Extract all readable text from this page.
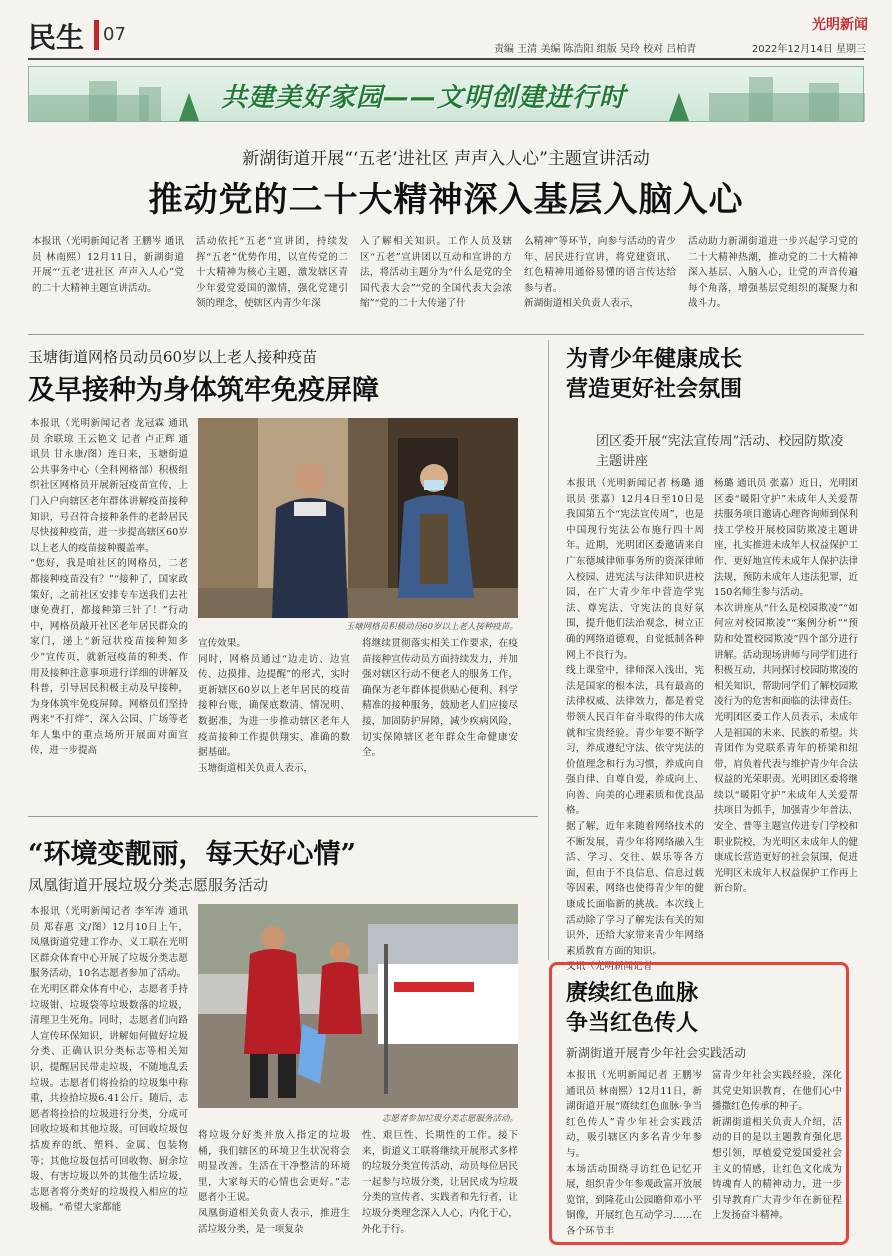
民生 07	光明新闻
责编 王清 美编 陈浩阳 组版 吴玲 校对 吕柏青	2022年12月14日 星期三
共建美好家园——文明创建进行时
新湖街道开展“‘五老’进社区 声声入人心”主题宣讲活动
推动党的二十大精神深入基层入脑入心
本报讯（光明新闻记者 王鹏岑 通讯员 林南熙）12月11日，新湖街道开展“‘五老’进社区 声声入人心”党的二十大精神主题宣讲活动。
活动依托“五老”宣讲团，持续发挥“五老”优势作用，以宣传党的二十大精神为核心主题，激发辖区青少年爱党爱国的激情，强化党建引领的理念，使辖区内青少年深
入了解相关知识。工作人员及辖区“五老”宣讲团以互动和宣讲的方法，将活动主题分为“什么是党的全国代表大会”“党的全国代表大会浓缩”“党的二十大传递了什
么精神”等环节，向参与活动的青少年、居民进行宣讲，将党建资讯、红色精神用通俗易懂的语言传达给参与者。
新湖街道相关负责人表示，
活动助力新湖街道进一步兴起学习党的二十大精神热潮，推动党的二十大精神深入基层、入脑入心，让党的声音传遍每个角落，增强基层党组织的凝聚力和战斗力。
玉塘街道网格员动员60岁以上老人接种疫苗
及早接种为身体筑牢免疫屏障
本报讯（光明新闻记者 龙冠霖 通讯员 余联琼 王云艳文 记者 卢正辉 通讯员 甘永康/图）连日来，玉塘街道公共事务中心（全科网格部）积极组织社区网格员开展新冠疫苗宣传，上门入户向辖区老年群体讲解疫苗接种知识，号召符合接种条件的老龄居民尽快接种疫苗，进一步提高辖区60岁以上老人的疫苗接种覆盖率。
“您好，我是咱社区的网格员，二老都接种疫苗没有？”“接种了，国家政策好，之前社区安排专车送我们去社康免费打，都接种第三针了！”行动中，网格员敲开社区老年居民群众的家门，递上“新冠状疫苗接种知多少”宣传页，就新冠疫苗的种类、作用及接种注意事项进行详细的讲解及科普，引导居民积极主动及早接种，为身体筑牢免疫屏障。网格员们坚持两来“不打烊”，深入公园、广场等老年人集中的重点场所开展面对面宣传，进一步提高
玉塘网格员积极动员60岁以上老人接种疫苗。
宣传效果。
同时，网格员通过“边走访、边宣传、边摸排、边提醒”的形式，实时更新辖区60岁以上老年居民的疫苗接种台账，确保底数清、情况明、数据准，为进一步推动辖区老年人疫苗接种工作提供翔实、准确的数据基础。
玉塘街道相关负责人表示，
将继续贯彻落实相关工作要求，在疫苗接种宣传动员方面持续发力，并加强对辖区行动不便老人的服务工作，确保为老年群体提供贴心便利、科学精准的接种服务，鼓励老人们应接尽接，加固防护屏障，减少疾病风险，切实保障辖区老年群众生命健康安全。
为青少年健康成长
营造更好社会氛围
团区委开展“宪法宣传周”活动、校园防欺凌主题讲座
本报讯（光明新闻记者 杨璐 通讯员 张嘉）12月4日至10日是我国第五个“宪法宣传周”，也是中国现行宪法公布施行四十周年。近期，光明团区委邀请来自广东德城律师事务所的资深律师入校园、进宪法与法律知识进校园，在广大青少年中营造学宪法、尊宪法、守宪法的良好氛围，提升他们法治观念，树立正确的网络道德观，自觉抵制各种网上不良行为。
线上课堂中，律师深入浅出，宪法是国家的根本法，具有最高的法律权威、法律效力，都是着党带领人民百年奋斗取得的伟大成就和宝贵经验。青少年要不断学习，养成遵纪守法、依守宪法的价值理念和行为习惯，养成向自强自律、自尊自爱，养成向上、向善、向美的心理素质和优良品格。
据了解，近年来随着网络技术的不断发展，青少年将网络融入生活、学习、交往、娱乐等各方面，但由于不良信息、信息过载等因素，网络也使得青少年的健康成长面临新的挑战。本次线上活动除了学习了解宪法有关的知识外，还给大家带来青少年网络素质教育方面的知识。
又讯（光明新闻记者
杨璐 通讯员 张嘉）近日，光明团区委“暖阳守护”未成年人关爱帮扶服务项目邀请心理咨询师到保利技工学校开展校园防欺凌主题讲座，扎实推进未成年人权益保护工作、更好地宣传未成年人保护法律法规，预防未成年人违法犯罪，近150名师生参与活动。
本次讲座从“什么是校园欺凌”“如何应对校园欺凌”“案例分析”“预防和处置校园欺凌”四个部分进行讲解。活动现场讲师与同学们进行积极互动，共同探讨校园防欺凌的相关知识，帮助同学们了解校园欺凌行为的危害和面临的法律责任。
光明团区委工作人员表示，未成年人是祖国的未来、民族的希望。共青团作为党联系青年的桥梁和纽带，肩负着代表与维护青少年合法权益的光荣职责。光明团区委将继续以“暖阳守护”未成年人关爱帮扶项目为抓手，加强青少年普法、安全、普等主题宣传进专门学校和职业院校，为光明区未成年人的健康成长营造更好的社会氛围，促进光明区未成年人权益保护工作再上新台阶。
“环境变靓丽，每天好心情”
凤凰街道开展垃圾分类志愿服务活动
本报讯（光明新闻记者 李军涛 通讯员 郑春惠 文/图）12月10日上午，凤凰街道党建工作办、义工联在光明区群众体育中心开展了垃圾分类志愿服务活动，10名志愿者参加了活动。
在光明区群众体育中心，志愿者手持垃圾钳、垃圾袋等垃圾数落的垃圾，清理卫生死角。同时，志愿者们向路人宣传环保知识，讲解如何做好垃圾分类、正确认识分类标志等相关知识，提醒居民带走垃圾，不随地乱丢垃圾。志愿者们将捡拾的垃圾集中称重，共捡拾垃圾6.41公斤。随后，志愿者将捡拾的垃圾进行分类，分成可回收垃圾和其他垃圾。可回收垃圾包括废弃的纸、塑料、金属、包装物等；其他垃圾包括可回收物、厨余垃圾、有害垃圾以外的其他生活垃圾，志愿者将分类好的垃圾投入相应的垃圾桶。“希望大家都能
志愿者参加垃圾分类志愿服务活动。
将垃圾分好类并放入指定的垃圾桶，我们辖区的环境卫生状况将会明显改善。生活在干净整洁的环境里，大家每天的心情也会更好。”志愿者小王说。
凤凰街道相关负责人表示，推进生活垃圾分类，是一项复杂
性、艰巨性、长期性的工作。接下来，街道义工联将继续开展形式多样的垃圾分类宣传活动，动员每位居民一起参与垃圾分类，让居民成为垃圾分类的宣传者、实践者和先行者，让垃圾分类理念深入人心，内化于心，外化于行。
赓续红色血脉
争当红色传人
新湖街道开展青少年社会实践活动
本报讯（光明新闻记者 王鹏岑 通讯员 林南熙）12月11日，新湖街道开展“赓续红色血脉·争当红色传人”青少年社会实践活动，吸引辖区内多名青少年参与。
本场活动围绕寻访红色记忆开展，组织青少年参观政富开放展览馆，到隆花山公园瞻仰邓小平铜像，开展红色互动学习……在各个环节丰
富青少年社会实践经验，深化其党史知识教育，在他们心中播撒红色传承的种子。
新湖街道相关负责人介绍，活动的目的是以主题教育强化思想引领，厚植爱党爱国爱社会主义的情感，让红色文化成为铸魂育人的精神动力，进一步引导教育广大青少年在新征程上发扬奋斗精神。
